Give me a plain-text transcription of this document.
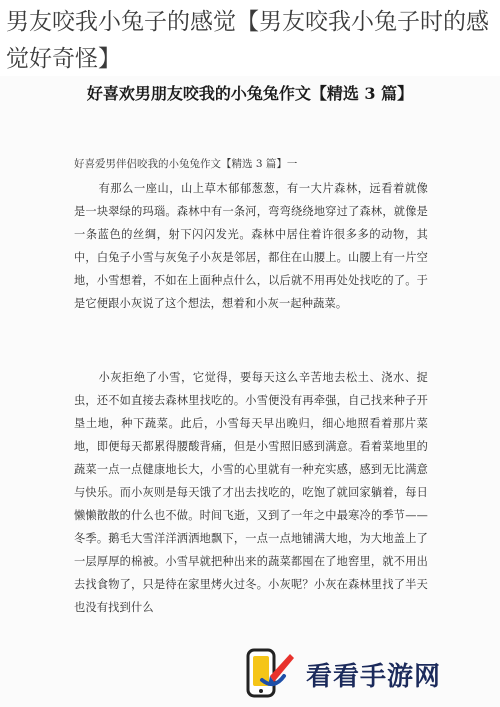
男友咬我小兔子的感觉【男友咬我小兔子时的感觉好奇怪】
好喜欢男朋友咬我的小兔兔作文【精选 3 篇】

好喜爱男伴侣咬我的小兔兔作文【精选 3 篇】一

有那么一座山，山上草木郁郁葱葱，有一大片森林，远看着就像是一块翠绿的玛瑙。森林中有一条河，弯弯绕绕地穿过了森林，就像是一条蓝色的丝绸，射下闪闪发光。森林中居住着许很多多的动物，其中，白兔子小雪与灰兔子小灰是邻居，都住在山腰上。山腰上有一片空地，小雪想着，不如在上面种点什么，以后就不用再处处找吃的了。于是它便跟小灰说了这个想法，想着和小灰一起种蔬菜。

小灰拒绝了小雪，它觉得，要每天这么辛苦地去松土、浇水、捉虫，还不如直接去森林里找吃的。小雪便没有再牵强，自己找来种子开垦土地，种下蔬菜。此后，小雪每天早出晚归，细心地照看着那片菜地，即便每天都累得腰酸背痛，但是小雪照旧感到满意。看着菜地里的蔬菜一点一点健康地长大，小雪的心里就有一种充实感，感到无比满意与快乐。而小灰则是每天饿了才出去找吃的，吃饱了就回家躺着，每日懒懒散散的什么也不做。时间飞逝，又到了一年之中最寒冷的季节——冬季。鹅毛大雪洋洋洒洒地飘下，一点一点地铺满大地，为大地盖上了一层厚厚的棉被。小雪早就把种出来的蔬菜都囤在了地窖里，就不用出去找食物了，只是待在家里烤火过冬。小灰呢？小灰在森林里找了半天也没有找到什么

看看手游网
